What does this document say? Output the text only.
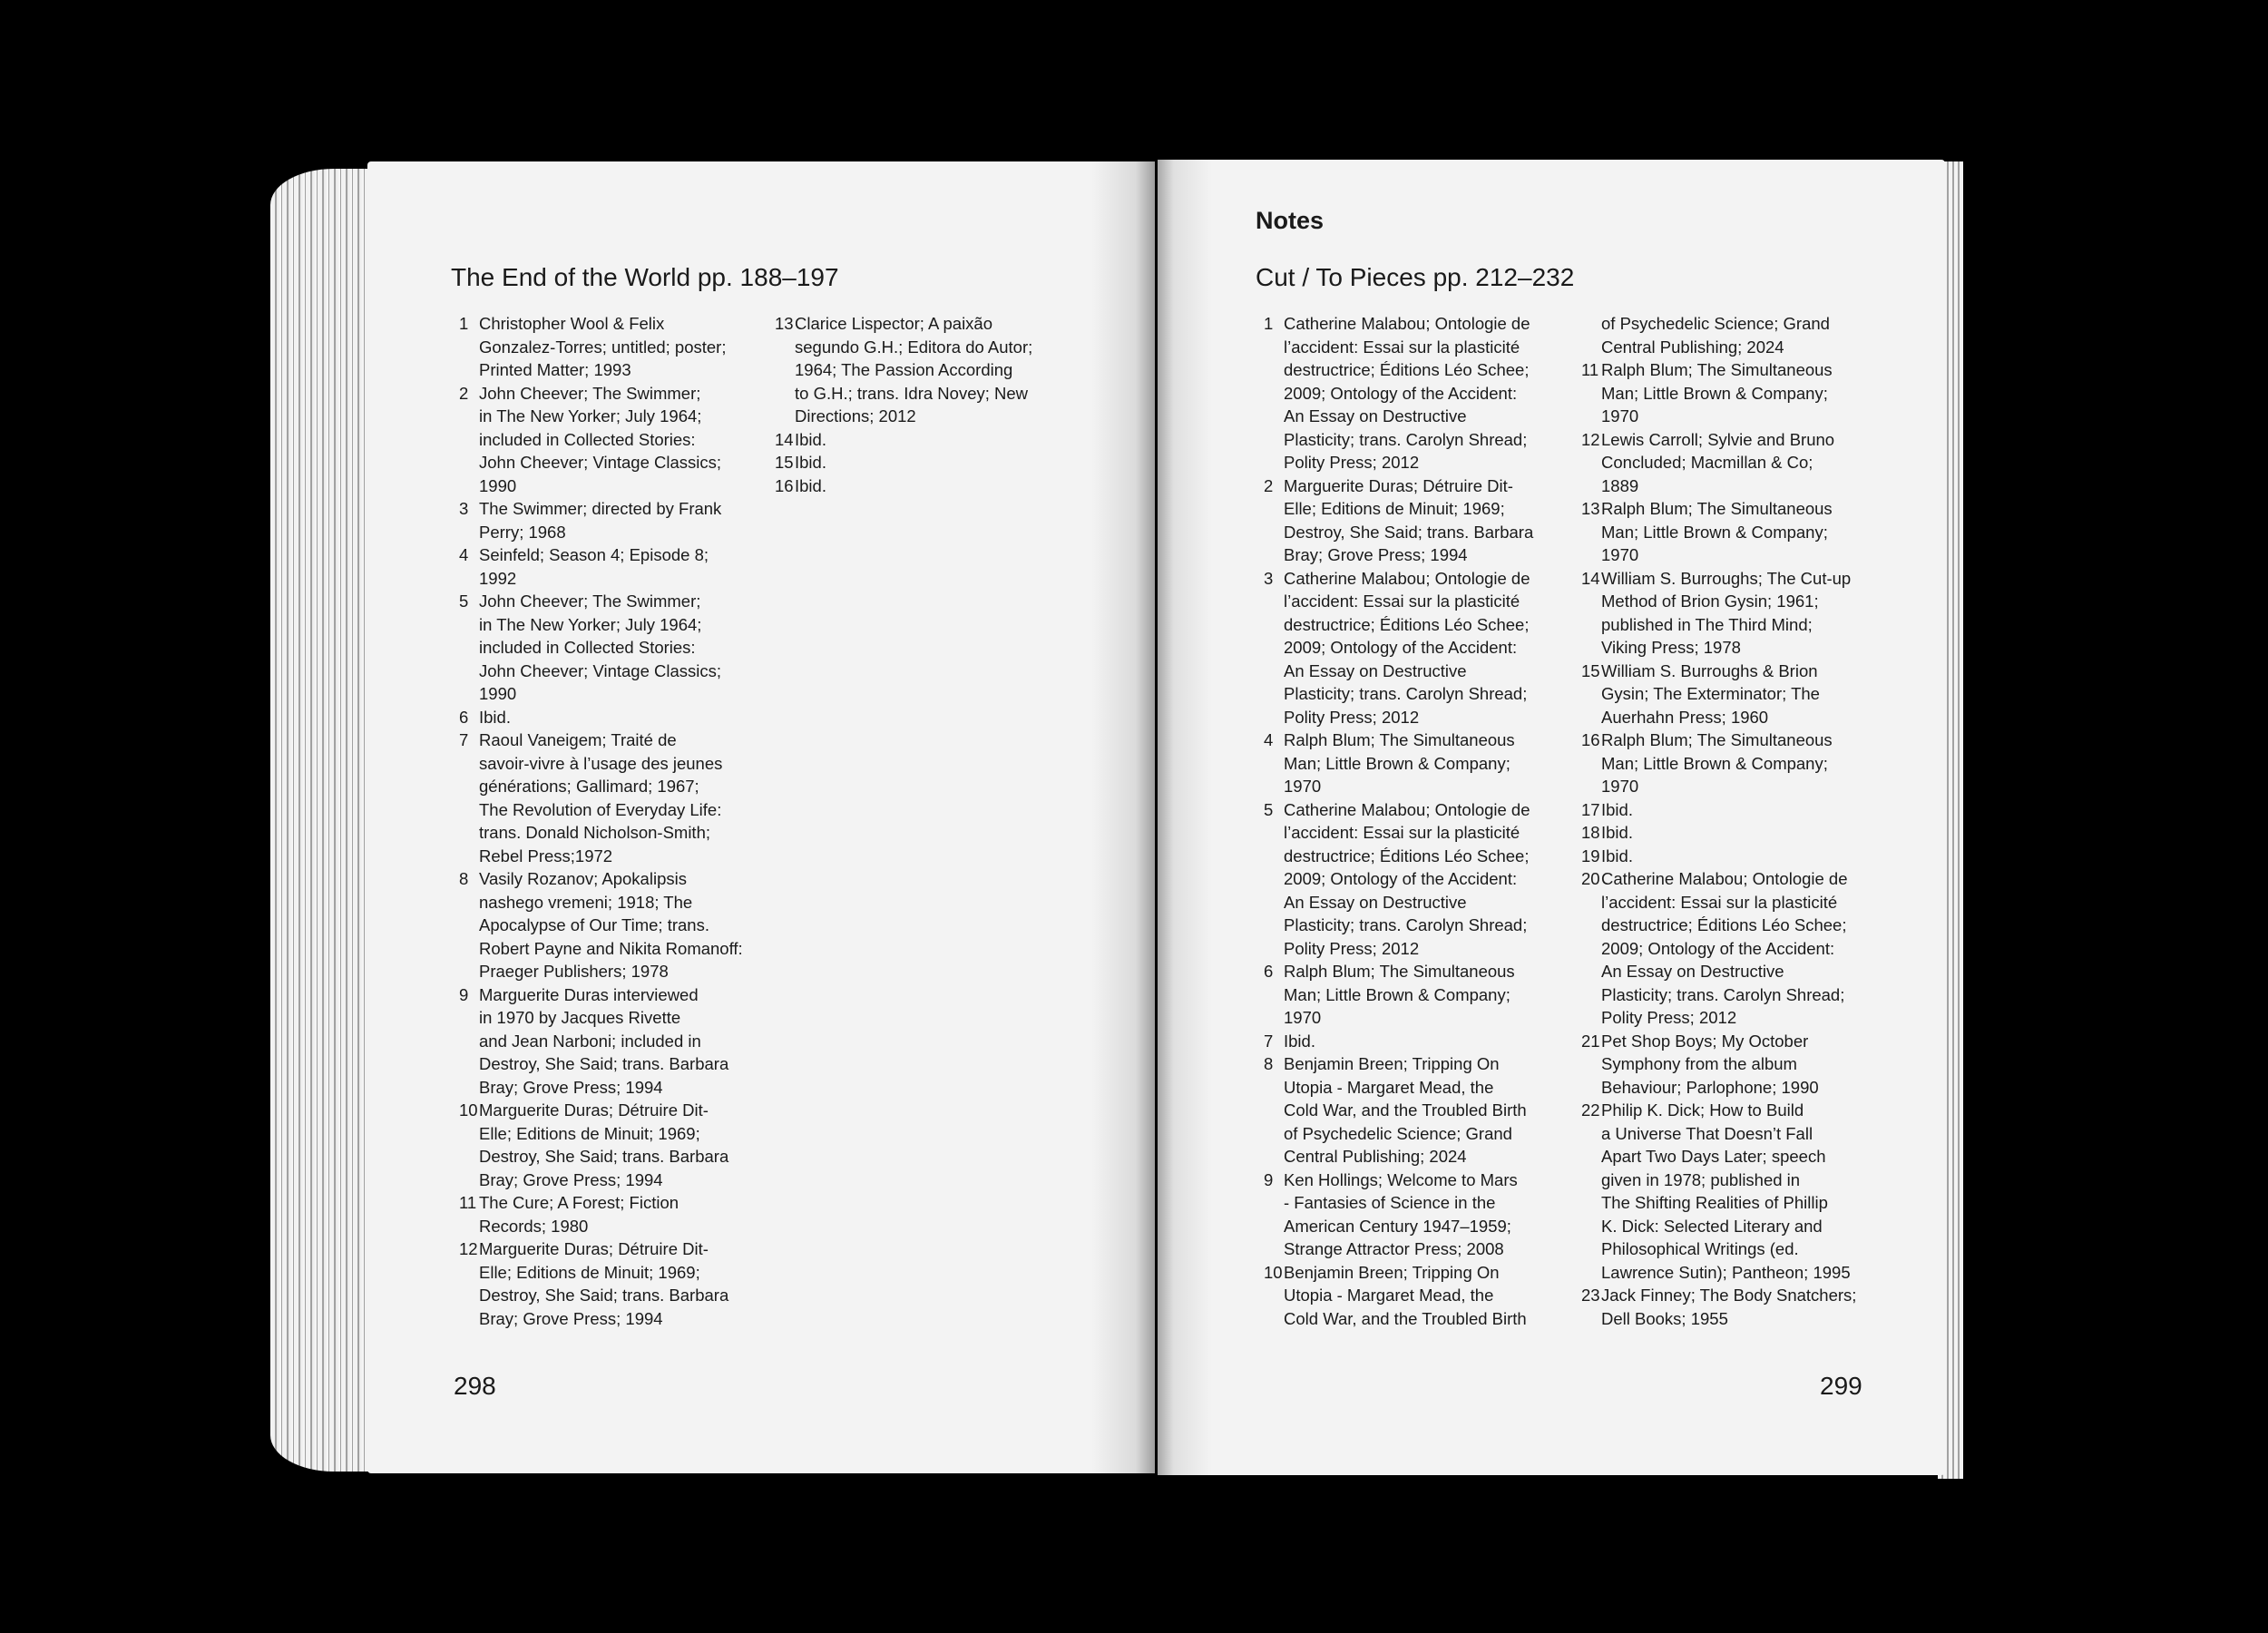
The End of the World pp. 188–197
1 Christopher Wool & Felix
Gonzalez-Torres; untitled; poster;
Printed Matter; 1993
2 John Cheever; The Swimmer;
in The New Yorker; July 1964;
included in Collected Stories:
John Cheever; Vintage Classics;
1990
3 The Swimmer; directed by Frank
Perry; 1968
4 Seinfeld; Season 4; Episode 8;
1992
5 John Cheever; The Swimmer;
in The New Yorker; July 1964;
included in Collected Stories:
John Cheever; Vintage Classics;
1990
6 Ibid.
7 Raoul Vaneigem; Traité de
savoir-vivre à l’usage des jeunes
générations; Gallimard; 1967;
The Revolution of Everyday Life:
trans. Donald Nicholson-Smith;
Rebel Press;1972
8 Vasily Rozanov; Apokalipsis
nashego vremeni; 1918; The
Apocalypse of Our Time; trans.
Robert Payne and Nikita Romanoff:
Praeger Publishers; 1978
9 Marguerite Duras interviewed
in 1970 by Jacques Rivette
and Jean Narboni; included in
Destroy, She Said; trans. Barbara
Bray; Grove Press; 1994
10 Marguerite Duras; Détruire Dit-
Elle; Editions de Minuit; 1969;
Destroy, She Said; trans. Barbara
Bray; Grove Press; 1994
11 The Cure; A Forest; Fiction
Records; 1980
12 Marguerite Duras; Détruire Dit-
Elle; Editions de Minuit; 1969;
Destroy, She Said; trans. Barbara
Bray; Grove Press; 1994
13 Clarice Lispector; A paixão
segundo G.H.; Editora do Autor;
1964; The Passion According
to G.H.; trans. Idra Novey; New
Directions; 2012
14 Ibid.
15 Ibid.
16 Ibid.
298
Notes
Cut / To Pieces pp. 212–232
1 Catherine Malabou; Ontologie de
l’accident: Essai sur la plasticité
destructrice; Éditions Léo Schee;
2009; Ontology of the Accident:
An Essay on Destructive
Plasticity; trans. Carolyn Shread;
Polity Press; 2012
2 Marguerite Duras; Détruire Dit-
Elle; Editions de Minuit; 1969;
Destroy, She Said; trans. Barbara
Bray; Grove Press; 1994
3 Catherine Malabou; Ontologie de
l’accident: Essai sur la plasticité
destructrice; Éditions Léo Schee;
2009; Ontology of the Accident:
An Essay on Destructive
Plasticity; trans. Carolyn Shread;
Polity Press; 2012
4 Ralph Blum; The Simultaneous
Man; Little Brown & Company;
1970
5 Catherine Malabou; Ontologie de
l’accident: Essai sur la plasticité
destructrice; Éditions Léo Schee;
2009; Ontology of the Accident:
An Essay on Destructive
Plasticity; trans. Carolyn Shread;
Polity Press; 2012
6 Ralph Blum; The Simultaneous
Man; Little Brown & Company;
1970
7 Ibid.
8 Benjamin Breen; Tripping On
Utopia - Margaret Mead, the
Cold War, and the Troubled Birth
of Psychedelic Science; Grand
Central Publishing; 2024
9 Ken Hollings; Welcome to Mars
- Fantasies of Science in the
American Century 1947–1959;
Strange Attractor Press; 2008
10 Benjamin Breen; Tripping On
Utopia - Margaret Mead, the
Cold War, and the Troubled Birth
of Psychedelic Science; Grand
Central Publishing; 2024
11 Ralph Blum; The Simultaneous
Man; Little Brown & Company;
1970
12 Lewis Carroll; Sylvie and Bruno
Concluded; Macmillan & Co;
1889
13 Ralph Blum; The Simultaneous
Man; Little Brown & Company;
1970
14 William S. Burroughs; The Cut-up
Method of Brion Gysin; 1961;
published in The Third Mind;
Viking Press; 1978
15 William S. Burroughs & Brion
Gysin; The Exterminator; The
Auerhahn Press; 1960
16 Ralph Blum; The Simultaneous
Man; Little Brown & Company;
1970
17 Ibid.
18 Ibid.
19 Ibid.
20 Catherine Malabou; Ontologie de
l’accident: Essai sur la plasticité
destructrice; Éditions Léo Schee;
2009; Ontology of the Accident:
An Essay on Destructive
Plasticity; trans. Carolyn Shread;
Polity Press; 2012
21 Pet Shop Boys; My October
Symphony from the album
Behaviour; Parlophone; 1990
22 Philip K. Dick; How to Build
a Universe That Doesn’t Fall
Apart Two Days Later; speech
given in 1978; published in
The Shifting Realities of Phillip
K. Dick: Selected Literary and
Philosophical Writings (ed.
Lawrence Sutin); Pantheon; 1995
23 Jack Finney; The Body Snatchers;
Dell Books; 1955
299
